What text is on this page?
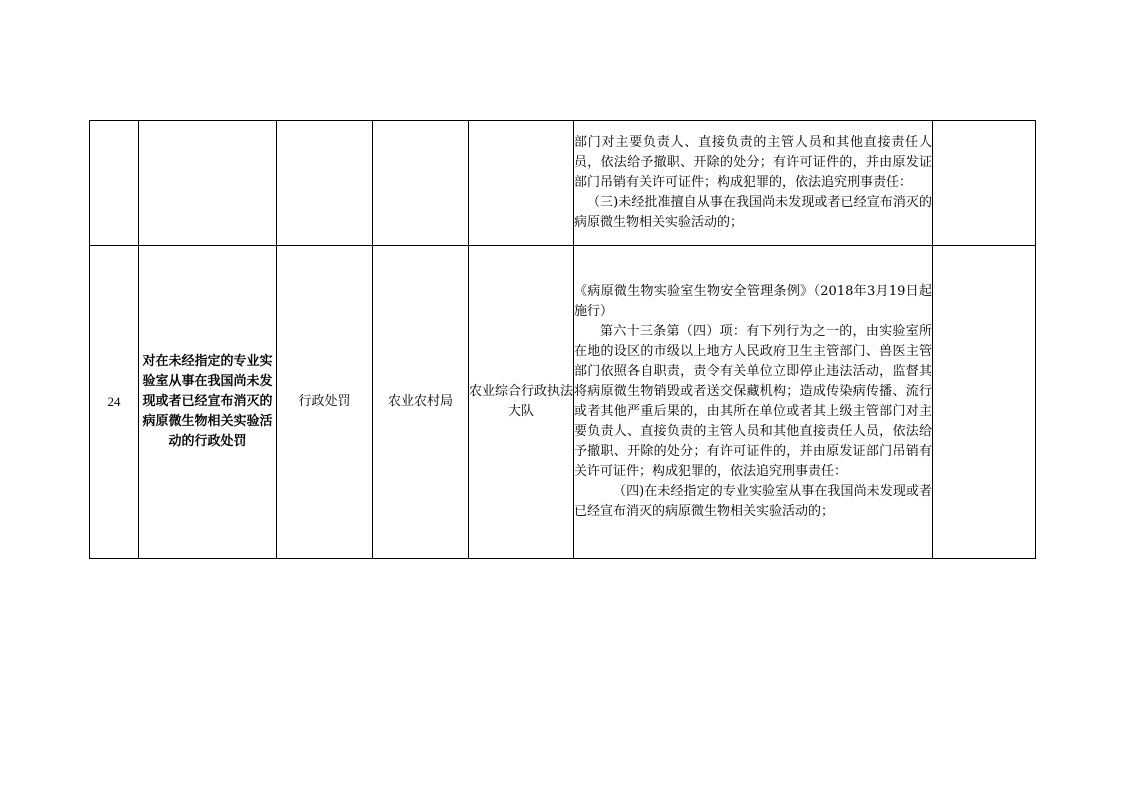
					部门对主要负责人、直接负责的主管人员和其他直接责任人员，依法给予撤职、开除的处分；有许可证件的，并由原发证部门吊销有关许可证件；构成犯罪的，依法追究刑事责任：

（三)未经批准擅自从事在我国尚未发现或者已经宣布消灭的病原微生物相关实验活动的；	

24	对在未经指定的专业实验室从事在我国尚未发现或者已经宣布消灭的病原微生物相关实验活动的行政处罚	行政处罚	农业农村局	农业综合行政执法大队	《病原微生物实验室生物安全管理条例》（2018年3月19日起施行）

第六十三条第（四）项：有下列行为之一的，由实验室所在地的设区的市级以上地方人民政府卫生主管部门、兽医主管部门依照各自职责，责令有关单位立即停止违法活动，监督其将病原微生物销毁或者送交保藏机构；造成传染病传播、流行或者其他严重后果的，由其所在单位或者其上级主管部门对主要负责人、直接负责的主管人员和其他直接责任人员，依法给予撤职、开除的处分；有许可证件的，并由原发证部门吊销有关许可证件；构成犯罪的，依法追究刑事责任：

（四)在未经指定的专业实验室从事在我国尚未发现或者已经宣布消灭的病原微生物相关实验活动的；	
